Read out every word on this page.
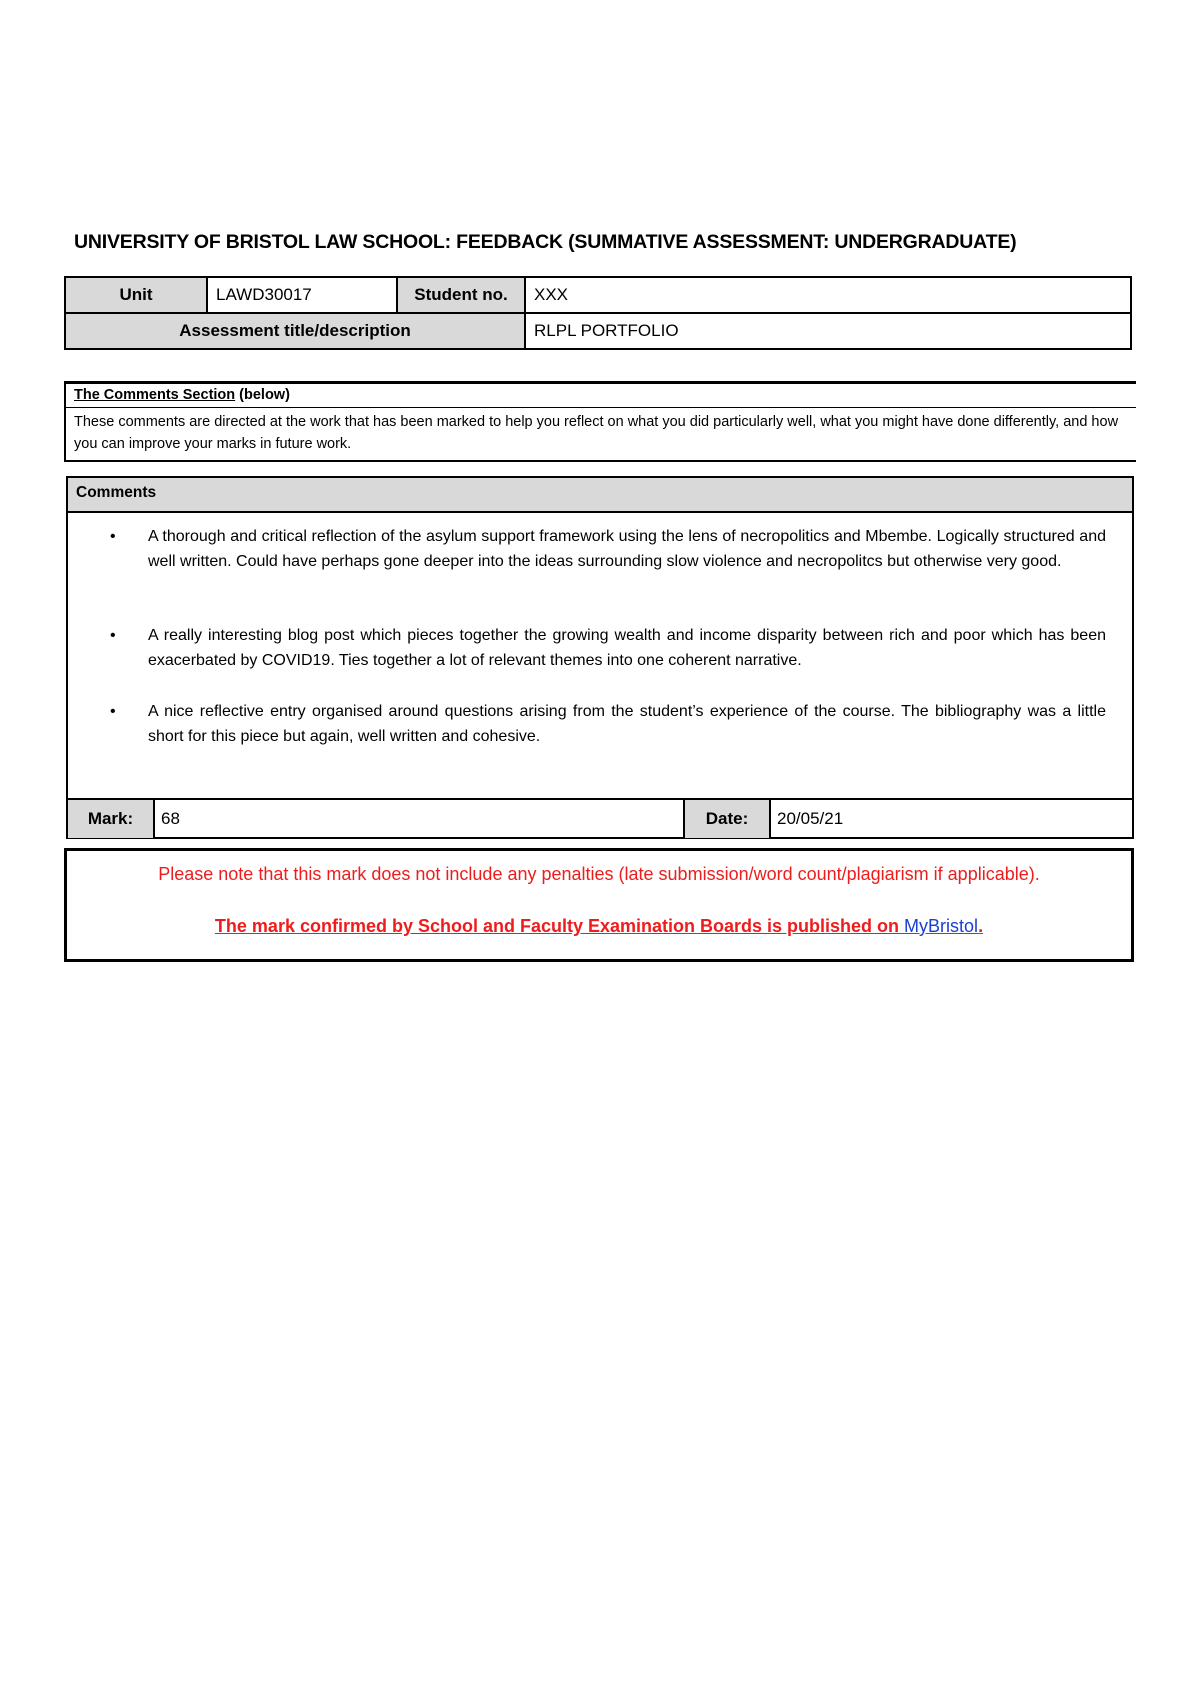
UNIVERSITY OF BRISTOL LAW SCHOOL: FEEDBACK (SUMMATIVE ASSESSMENT: UNDERGRADUATE)
Unit	LAWD30017	Student no.	XXX
Assessment title/description			RLPL PORTFOLIO
The Comments Section (below)
These comments are directed at the work that has been marked to help you reflect on what you did particularly well, what you might have done differently, and how you can improve your marks in future work.
Comments
• A thorough and critical reflection of the asylum support framework using the lens of necropolitics and Mbembe. Logically structured and well written. Could have perhaps gone deeper into the ideas surrounding slow violence and necropolitcs but otherwise very good.
• A really interesting blog post which pieces together the growing wealth and income disparity between rich and poor which has been exacerbated by COVID19. Ties together a lot of relevant themes into one coherent narrative.
• A nice reflective entry organised around questions arising from the student’s experience of the course. The bibliography was a little short for this piece but again, well written and cohesive.
Mark:	68	Date:	20/05/21
Please note that this mark does not include any penalties (late submission/word count/plagiarism if applicable).
The mark confirmed by School and Faculty Examination Boards is published on MyBristol.
